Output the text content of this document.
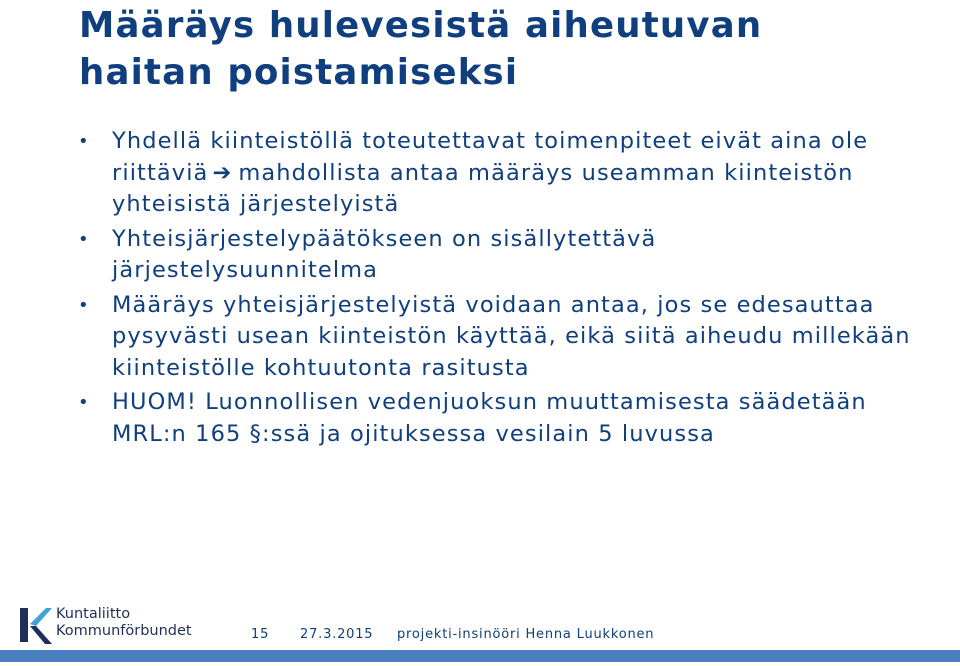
Määräys hulevesistä aiheutuvan
haitan poistamiseksi
• Yhdellä kiinteistöllä toteutettavat toimenpiteet eivät aina ole riittäviä ➔ mahdollista antaa määräys useamman kiinteistön yhteisistä järjestelyistä
• Yhteisjärjestelypäätökseen on sisällytettävä järjestelysuunnitelma
• Määräys yhteisjärjestelyistä voidaan antaa, jos se edesauttaa pysyvästi usean kiinteistön käyttää, eikä siitä aiheudu millekään kiinteistölle kohtuutonta rasitusta
• HUOM! Luonnollisen vedenjuoksun muuttamisesta säädetään MRL:n 165 §:ssä ja ojituksessa vesilain 5 luvussa
Kuntaliitto
Kommunförbundet	15 27.3.2015 projekti-insinööri Henna Luukkonen
